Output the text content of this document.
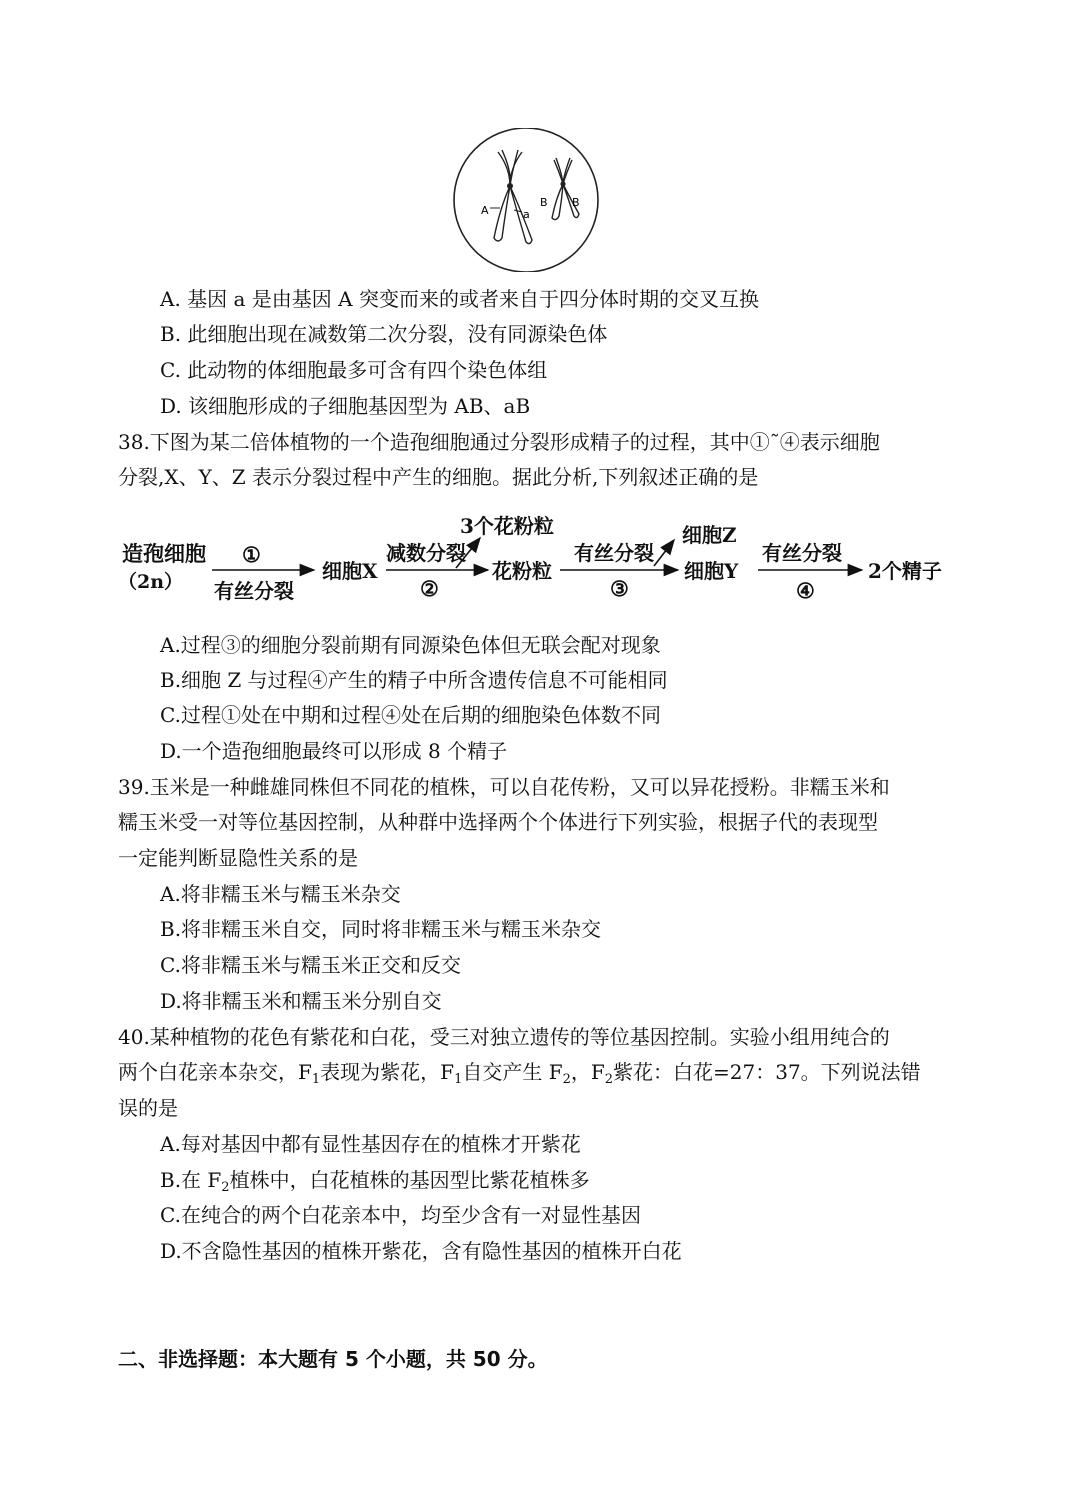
A	a
B B
A. 基因 a 是由基因 A 突变而来的或者来自于四分体时期的交叉互换
B. 此细胞出现在减数第二次分裂，没有同源染色体
C. 此动物的体细胞最多可含有四个染色体组
D. 该细胞形成的子细胞基因型为 AB、aB
38.下图为某二倍体植物的一个造孢细胞通过分裂形成精子的过程，其中①˜④表示细胞
分裂,X、Y、Z 表示分裂过程中产生的细胞。据此分析,下列叙述正确的是
造孢细胞
（2n）
①
有丝分裂
细胞X
减数分裂
3个花粉粒
②
花粉粒
有丝分裂
③
细胞Z
细胞Y
有丝分裂
④
2个精子
A.过程③的细胞分裂前期有同源染色体但无联会配对现象
B.细胞 Z 与过程④产生的精子中所含遗传信息不可能相同
C.过程①处在中期和过程④处在后期的细胞染色体数不同
D.一个造孢细胞最终可以形成 8 个精子
39.玉米是一种雌雄同株但不同花的植株，可以自花传粉，又可以异花授粉。非糯玉米和
糯玉米受一对等位基因控制，从种群中选择两个个体进行下列实验，根据子代的表现型
一定能判断显隐性关系的是
A.将非糯玉米与糯玉米杂交
B.将非糯玉米自交，同时将非糯玉米与糯玉米杂交
C.将非糯玉米与糯玉米正交和反交
D.将非糯玉米和糯玉米分别自交
40.某种植物的花色有紫花和白花，受三对独立遗传的等位基因控制。实验小组用纯合的
两个白花亲本杂交，$F_1$表现为紫花，$F_1$自交产生 $F_2$，$F_2$紫花：白花=27：37。下列说法错
误的是
A.每对基因中都有显性基因存在的植株才开紫花
B.在 $F_2$植株中，白花植株的基因型比紫花植株多
C.在纯合的两个白花亲本中，均至少含有一对显性基因
D.不含隐性基因的植株开紫花，含有隐性基因的植株开白花
二、非选择题：本大题有 5 个小题，共 50 分。
